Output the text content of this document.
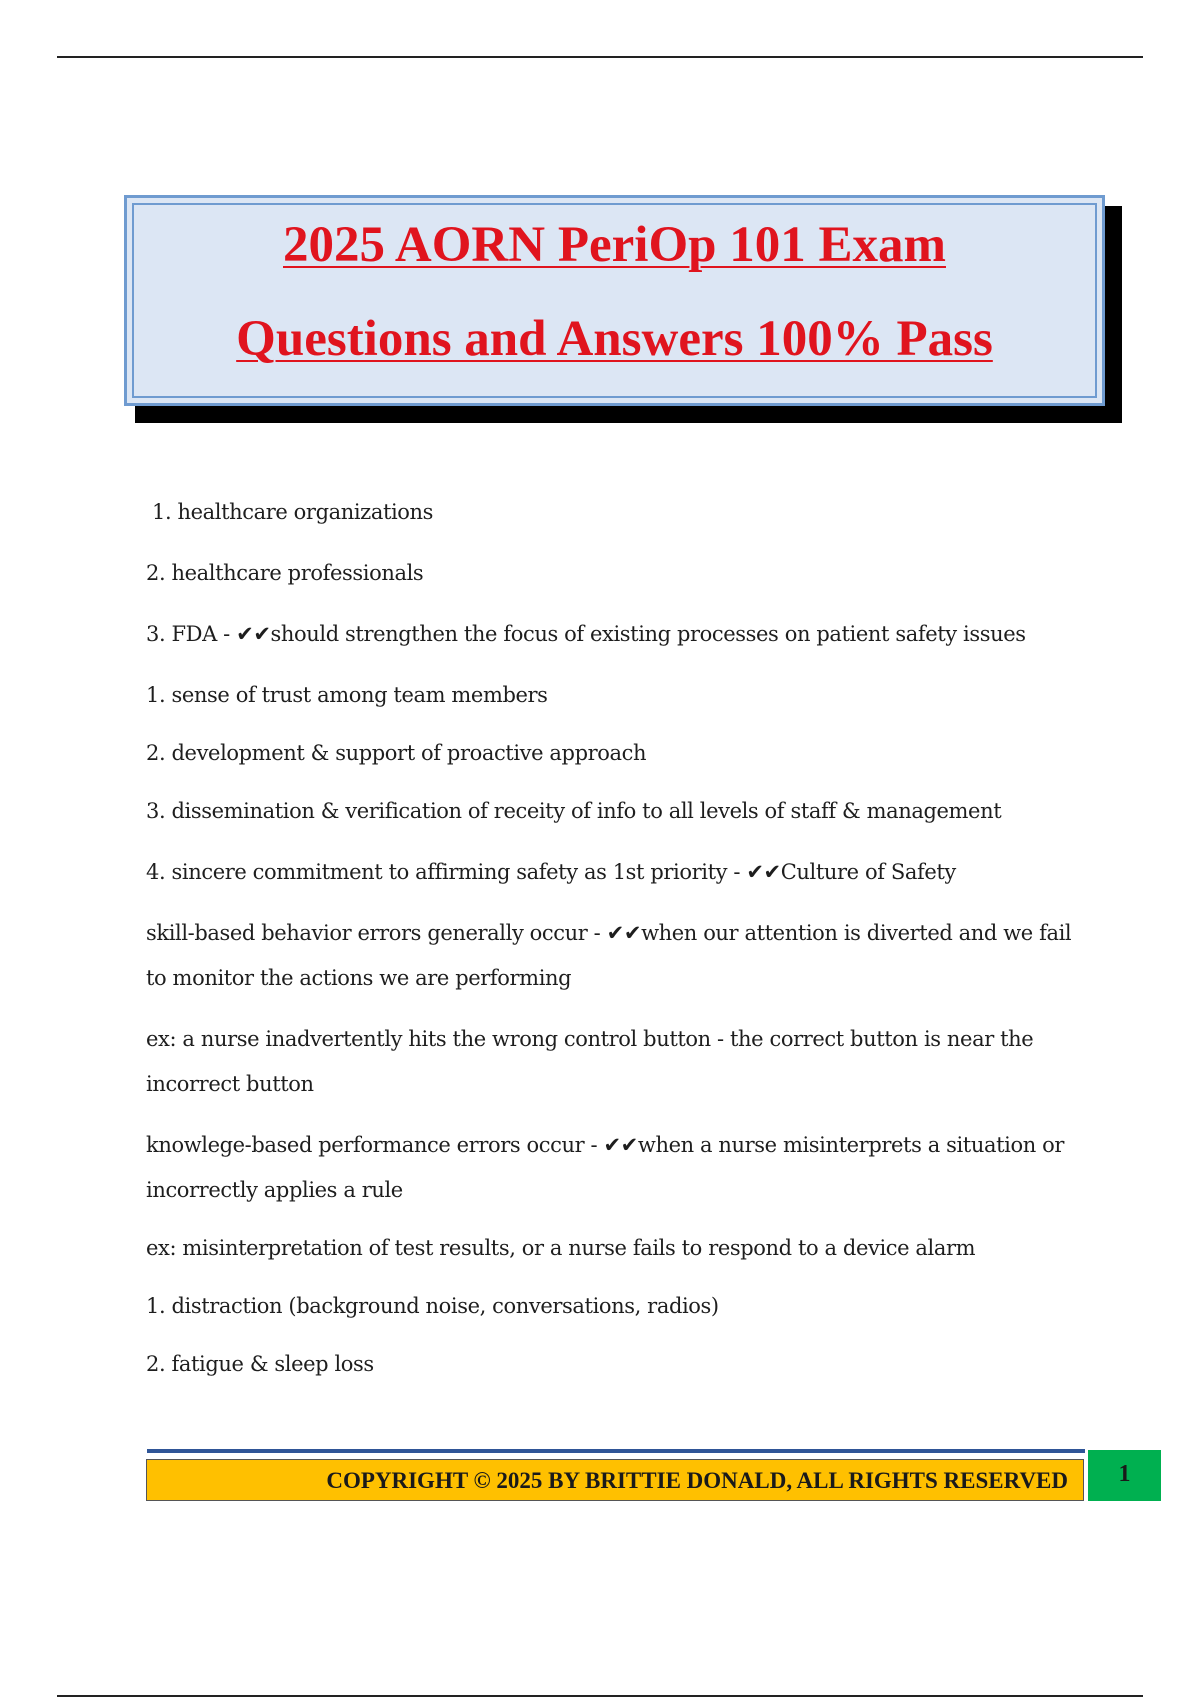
2025 AORN PeriOp 101 Exam
Questions and Answers 100% Pass
1. healthcare organizations
2. healthcare professionals
3. FDA - ✔✔should strengthen the focus of existing processes on patient safety issues
1. sense of trust among team members
2. development & support of proactive approach
3. dissemination & verification of receity of info to all levels of staff & management
4. sincere commitment to affirming safety as 1st priority - ✔✔Culture of Safety
skill-based behavior errors generally occur - ✔✔when our attention is diverted and we fail to monitor the actions we are performing
ex: a nurse inadvertently hits the wrong control button - the correct button is near the incorrect button
knowlege-based performance errors occur - ✔✔when a nurse misinterprets a situation or incorrectly applies a rule
ex: misinterpretation of test results, or a nurse fails to respond to a device alarm
1. distraction (background noise, conversations, radios)
2. fatigue & sleep loss
COPYRIGHT © 2025 BY BRITTIE DONALD, ALL RIGHTS RESERVED	1
